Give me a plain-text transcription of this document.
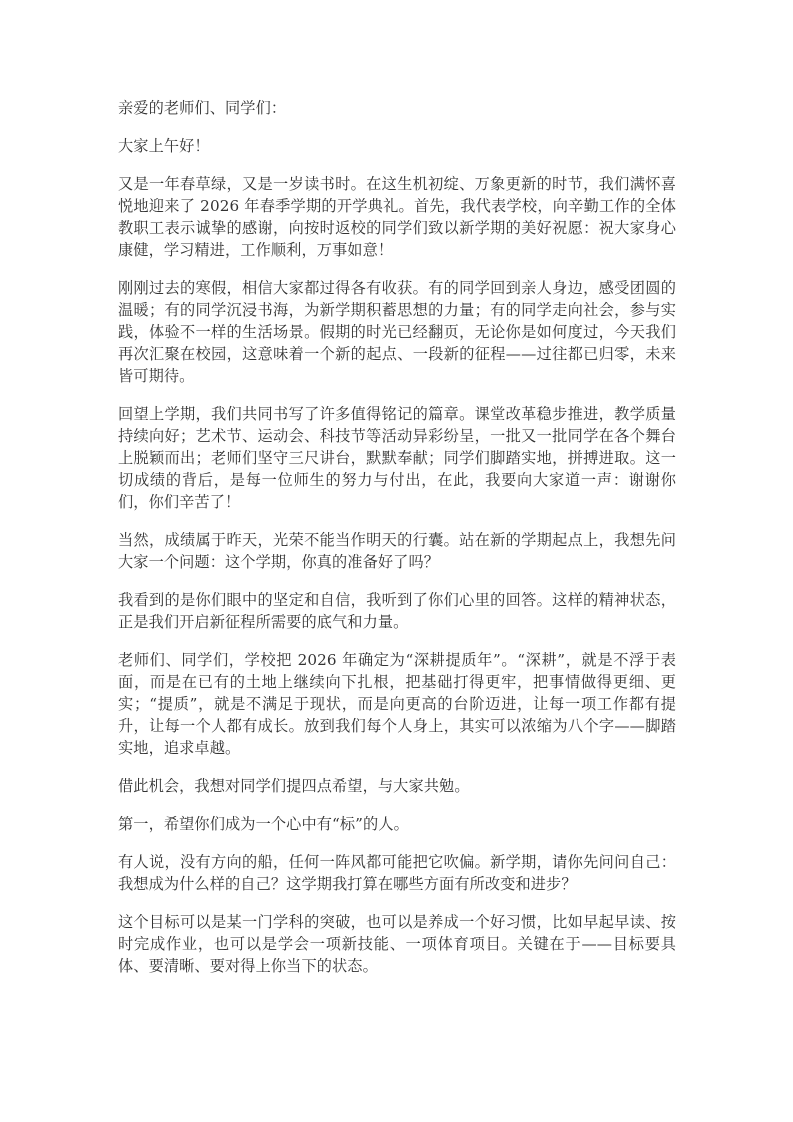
亲爱的老师们、同学们：

大家上午好！

又是一年春草绿，又是一岁读书时。在这生机初绽、万象更新的时节，我们满怀喜悦地迎来了 2026 年春季学期的开学典礼。首先，我代表学校，向辛勤工作的全体教职工表示诚挚的感谢，向按时返校的同学们致以新学期的美好祝愿：祝大家身心康健，学习精进，工作顺利，万事如意！

刚刚过去的寒假，相信大家都过得各有收获。有的同学回到亲人身边，感受团圆的温暖；有的同学沉浸书海，为新学期积蓄思想的力量；有的同学走向社会，参与实践，体验不一样的生活场景。假期的时光已经翻页，无论你是如何度过，今天我们再次汇聚在校园，这意味着一个新的起点、一段新的征程——过往都已归零，未来皆可期待。

回望上学期，我们共同书写了许多值得铭记的篇章。课堂改革稳步推进，教学质量持续向好；艺术节、运动会、科技节等活动异彩纷呈，一批又一批同学在各个舞台上脱颖而出；老师们坚守三尺讲台，默默奉献；同学们脚踏实地，拼搏进取。这一切成绩的背后，是每一位师生的努力与付出，在此，我要向大家道一声：谢谢你们，你们辛苦了！

当然，成绩属于昨天，光荣不能当作明天的行囊。站在新的学期起点上，我想先问大家一个问题：这个学期，你真的准备好了吗？

我看到的是你们眼中的坚定和自信，我听到了你们心里的回答。这样的精神状态，正是我们开启新征程所需要的底气和力量。

老师们、同学们，学校把 2026 年确定为“深耕提质年”。“深耕”，就是不浮于表面，而是在已有的土地上继续向下扎根，把基础打得更牢，把事情做得更细、更实；“提质”，就是不满足于现状，而是向更高的台阶迈进，让每一项工作都有提升，让每一个人都有成长。放到我们每个人身上，其实可以浓缩为八个字——脚踏实地，追求卓越。

借此机会，我想对同学们提四点希望，与大家共勉。

第一，希望你们成为一个心中有“标”的人。

有人说，没有方向的船，任何一阵风都可能把它吹偏。新学期，请你先问问自己：我想成为什么样的自己？这学期我打算在哪些方面有所改变和进步？

这个目标可以是某一门学科的突破，也可以是养成一个好习惯，比如早起早读、按时完成作业，也可以是学会一项新技能、一项体育项目。关键在于——目标要具体、要清晰、要对得上你当下的状态。
